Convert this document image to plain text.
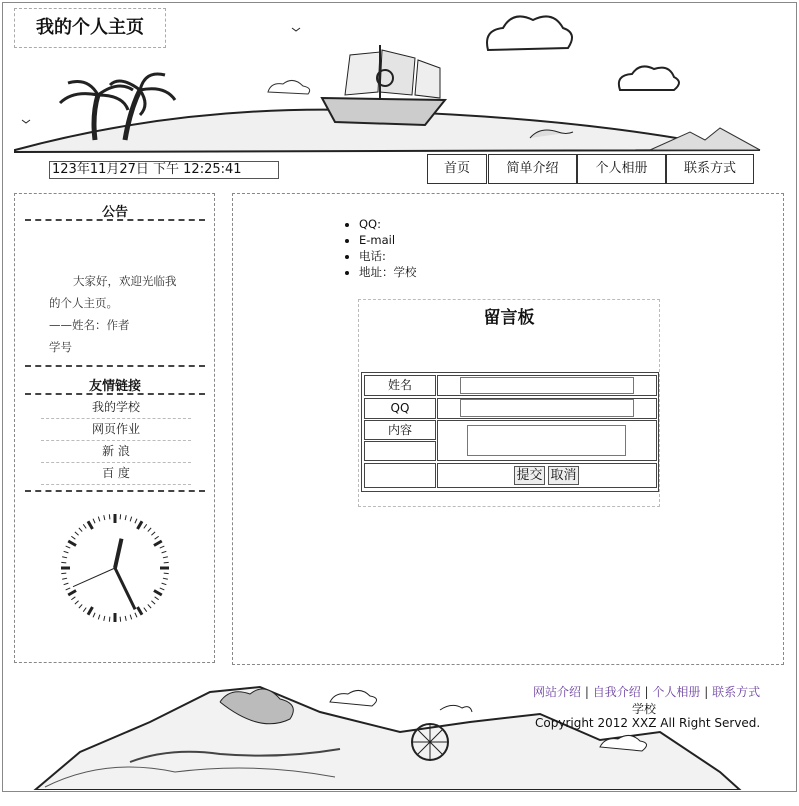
我的个人主页
123年11月27日 下午 12:25:41	首页	简单介绍	个人相册	联系方式
公告
大家好，欢迎光临我
的个人主页。
——姓名：作者
学号
友情链接
我的学校
网页作业
新 浪
百 度
• QQ:
• E-mail
• 电话:
• 地址：学校
留言板
姓名
QQ
内容
提交 取消
网站介绍 | 自我介绍 | 个人相册 | 联系方式
学校
Copyright 2012 XXZ All Right Served.
